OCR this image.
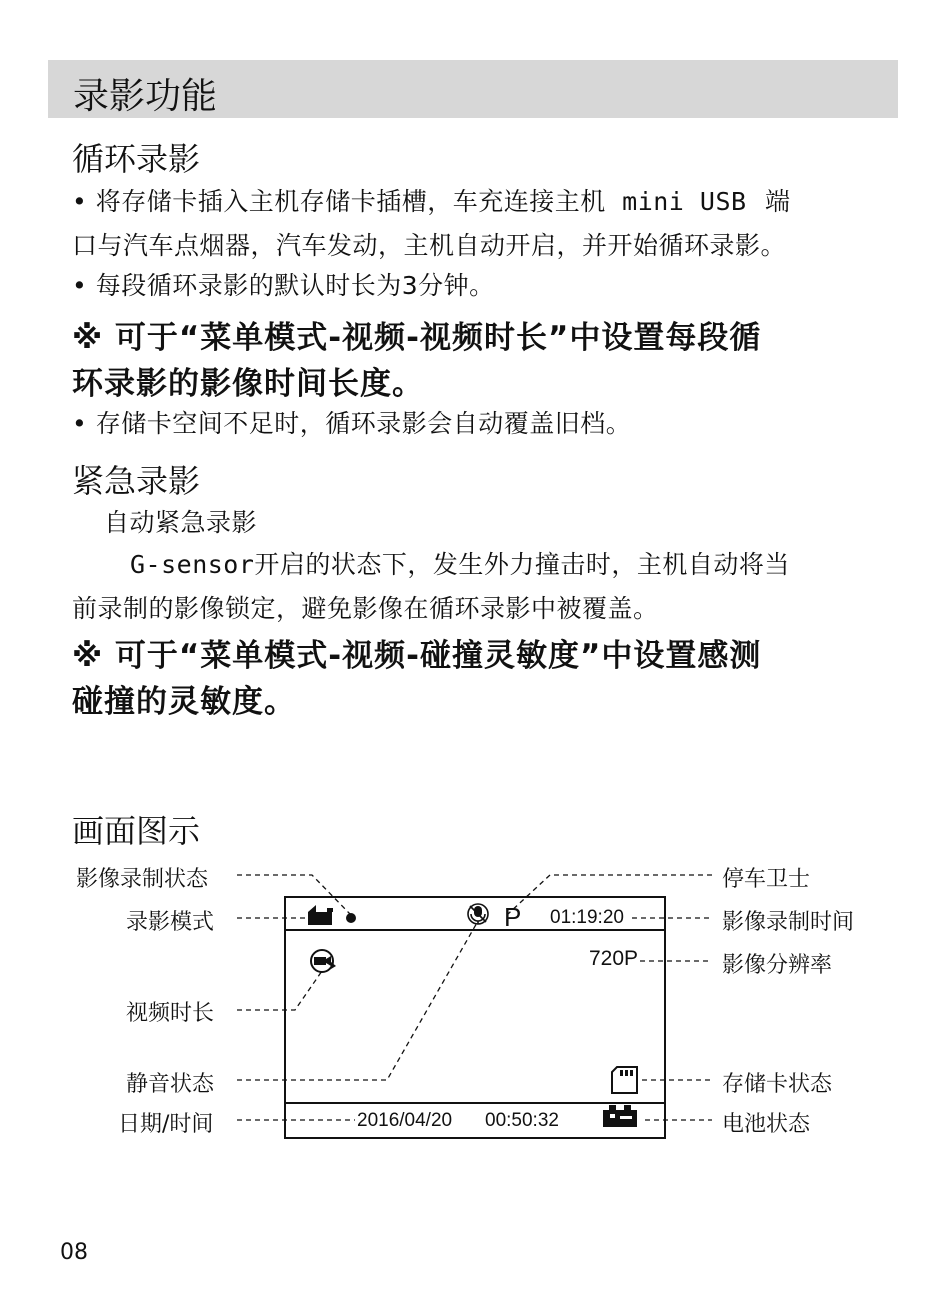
录影功能
循环录影
• 将存储卡插入主机存储卡插槽，车充连接主机 mini USB 端
口与汽车点烟器，汽车发动，主机自动开启，并开始循环录影。
• 每段循环录影的默认时长为3分钟。
※ 可于“菜单模式-视频-视频时长”中设置每段循
环录影的影像时间长度。
• 存储卡空间不足时，循环录影会自动覆盖旧档。
紧急录影
自动紧急录影
G-sensor开启的状态下，发生外力撞击时，主机自动将当
前录制的影像锁定，避免影像在循环录影中被覆盖。
※ 可于“菜单模式-视频-碰撞灵敏度”中设置感测
碰撞的灵敏度。
画面图示
P 01:19:20
720P
2016/04/20 00:50:32
影像录制状态
录影模式
视频时长
静音状态
日期/时间
停车卫士
影像录制时间
影像分辨率
存储卡状态
电池状态
08
